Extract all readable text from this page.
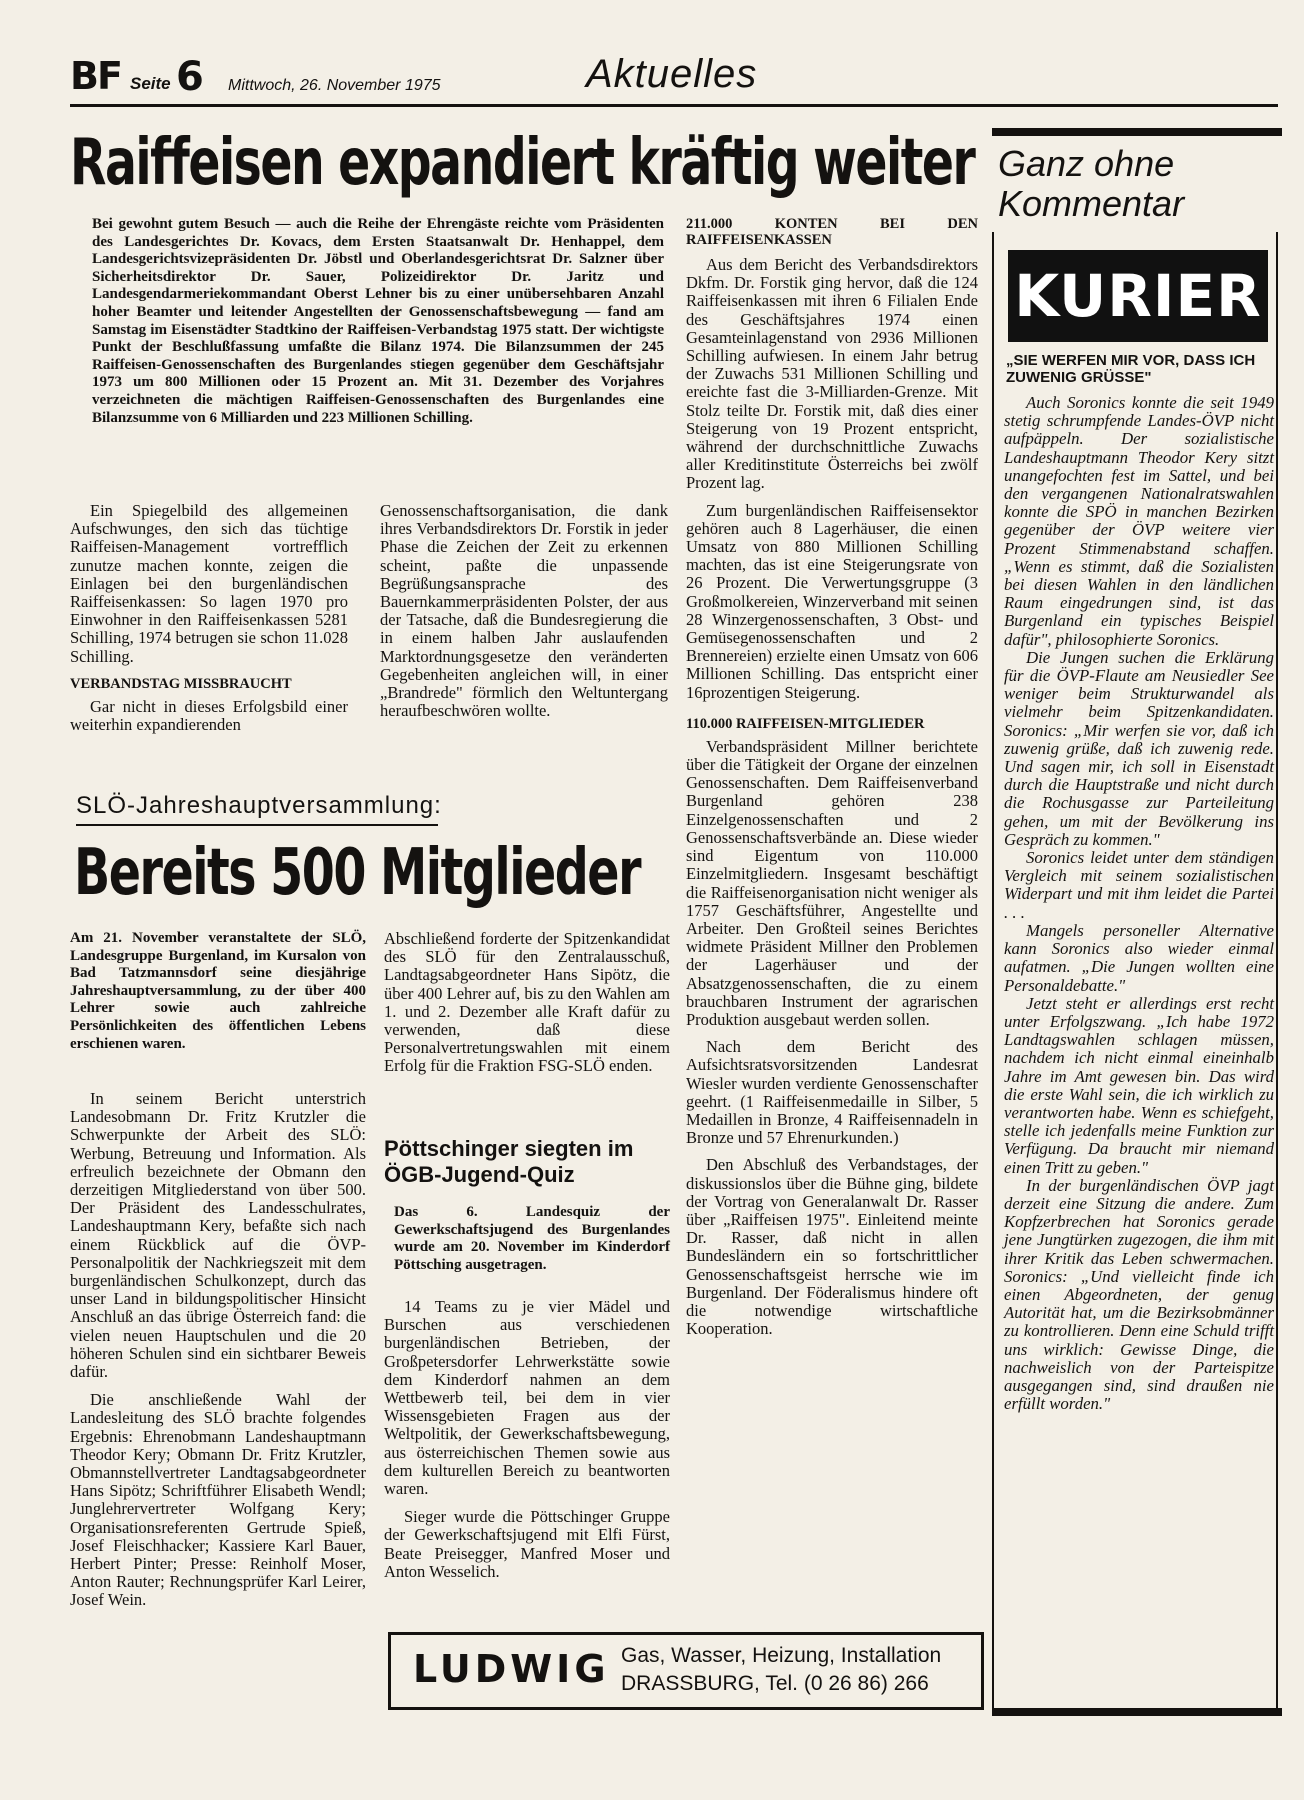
BF Seite 6 Mittwoch, 26. November 1975	Aktuelles
Raiffeisen expandiert kräftig weiter

Bei gewohnt gutem Besuch — auch die Reihe der Ehrengäste reichte vom Präsidenten des Landesgerichtes Dr. Kovacs, dem Ersten Staatsanwalt Dr. Henhappel, dem Landesgerichtsvizepräsidenten Dr. Jöbstl und Oberlandesgerichtsrat Dr. Salzner über Sicherheitsdirektor Dr. Sauer, Polizeidirektor Dr. Jaritz und Landesgendarmeriekommandant Oberst Lehner bis zu einer unübersehbaren Anzahl hoher Beamter und leitender Angestellten der Genossenschaftsbewegung — fand am Samstag im Eisenstädter Stadtkino der Raiffeisen-Verbandstag 1975 statt. Der wichtigste Punkt der Beschlußfassung umfaßte die Bilanz 1974. Die Bilanzsummen der 245 Raiffeisen-Genossenschaften des Burgenlandes stiegen gegenüber dem Geschäftsjahr 1973 um 800 Millionen oder 15 Prozent an. Mit 31. Dezember des Vorjahres verzeichneten die mächtigen Raiffeisen-Genossenschaften des Burgenlandes eine Bilanzsumme von 6 Milliarden und 223 Millionen Schilling.

Ein Spiegelbild des allgemeinen Aufschwunges, den sich das tüchtige Raiffeisen-Management vortrefflich zunutze machen konnte, zeigen die Einlagen bei den burgenländischen Raiffeisenkassen: So lagen 1970 pro Einwohner in den Raiffeisenkassen 5281 Schilling, 1974 betrugen sie schon 11.028 Schilling.

VERBANDSTAG MISSBRAUCHT

Gar nicht in dieses Erfolgsbild einer weiterhin expandierenden

Genossenschaftsorganisation, die dank ihres Verbandsdirektors Dr. Forstik in jeder Phase die Zeichen der Zeit zu erkennen scheint, paßte die unpassende Begrüßungsansprache des Bauernkammerpräsidenten Polster, der aus der Tatsache, daß die Bundesregierung die in einem halben Jahr auslaufenden Marktordnungsgesetze den veränderten Gegebenheiten angleichen will, in einer „Brandrede" förmlich den Weltuntergang heraufbeschwören wollte.

211.000 KONTEN BEI DEN RAIFFEISENKASSEN

Aus dem Bericht des Verbandsdirektors Dkfm. Dr. Forstik ging hervor, daß die 124 Raiffeisenkassen mit ihren 6 Filialen Ende des Geschäftsjahres 1974 einen Gesamteinlagenstand von 2936 Millionen Schilling aufwiesen. In einem Jahr betrug der Zuwachs 531 Millionen Schilling und ereichte fast die 3-Milliarden-Grenze. Mit Stolz teilte Dr. Forstik mit, daß dies einer Steigerung von 19 Prozent entspricht, während der durchschnittliche Zuwachs aller Kreditinstitute Österreichs bei zwölf Prozent lag.

Zum burgenländischen Raiffeisensektor gehören auch 8 Lagerhäuser, die einen Umsatz von 880 Millionen Schilling machten, das ist eine Steigerungsrate von 26 Prozent. Die Verwertungsgruppe (3 Großmolkereien, Winzerverband mit seinen 28 Winzergenossenschaften, 3 Obst- und Gemüsegenossenschaften und 2 Brennereien) erzielte einen Umsatz von 606 Millionen Schilling. Das entspricht einer 16prozentigen Steigerung.

110.000 RAIFFEISEN-MITGLIEDER

Verbandspräsident Millner berichtete über die Tätigkeit der Organe der einzelnen Genossenschaften. Dem Raiffeisenverband Burgenland gehören 238 Einzelgenossenschaften und 2 Genossenschaftsverbände an. Diese wieder sind Eigentum von 110.000 Einzelmitgliedern. Insgesamt beschäftigt die Raiffeisenorganisation nicht weniger als 1757 Geschäftsführer, Angestellte und Arbeiter. Den Großteil seines Berichtes widmete Präsident Millner den Problemen der Lagerhäuser und der Absatzgenossenschaften, die zu einem brauchbaren Instrument der agrarischen Produktion ausgebaut werden sollen.

Nach dem Bericht des Aufsichtsratsvorsitzenden Landesrat Wiesler wurden verdiente Genossenschafter geehrt. (1 Raiffeisenmedaille in Silber, 5 Medaillen in Bronze, 4 Raiffeisennadeln in Bronze und 57 Ehrenurkunden.)

Den Abschluß des Verbandstages, der diskussionslos über die Bühne ging, bildete der Vortrag von Generalanwalt Dr. Rasser über „Raiffeisen 1975". Einleitend meinte Dr. Rasser, daß nicht in allen Bundesländern ein so fortschrittlicher Genossenschaftsgeist herrsche wie im Burgenland. Der Föderalismus hindere oft die notwendige wirtschaftliche Kooperation.

SLÖ-Jahreshauptversammlung:
Bereits 500 Mitglieder

Am 21. November veranstaltete der SLÖ, Landesgruppe Burgenland, im Kursalon von Bad Tatzmannsdorf seine diesjährige Jahreshauptversammlung, zu der über 400 Lehrer sowie auch zahlreiche Persönlichkeiten des öffentlichen Lebens erschienen waren.

In seinem Bericht unterstrich Landesobmann Dr. Fritz Krutzler die Schwerpunkte der Arbeit des SLÖ: Werbung, Betreuung und Information. Als erfreulich bezeichnete der Obmann den derzeitigen Mitgliederstand von über 500. Der Präsident des Landesschulrates, Landeshauptmann Kery, befaßte sich nach einem Rückblick auf die ÖVP-Personalpolitik der Nachkriegszeit mit dem burgenländischen Schulkonzept, durch das unser Land in bildungspolitischer Hinsicht Anschluß an das übrige Österreich fand: die vielen neuen Hauptschulen und die 20 höheren Schulen sind ein sichtbarer Beweis dafür.

Die anschließende Wahl der Landesleitung des SLÖ brachte folgendes Ergebnis: Ehrenobmann Landeshauptmann Theodor Kery; Obmann Dr. Fritz Krutzler, Obmannstellvertreter Landtagsabgeordneter Hans Sipötz; Schriftführer Elisabeth Wendl; Junglehrervertreter Wolfgang Kery; Organisationsreferenten Gertrude Spieß, Josef Fleischhacker; Kassiere Karl Bauer, Herbert Pinter; Presse: Reinholf Moser, Anton Rauter; Rechnungsprüfer Karl Leirer, Josef Wein.

Abschließend forderte der Spitzenkandidat des SLÖ für den Zentralausschuß, Landtagsabgeordneter Hans Sipötz, die über 400 Lehrer auf, bis zu den Wahlen am 1. und 2. Dezember alle Kraft dafür zu verwenden, daß diese Personalvertretungswahlen mit einem Erfolg für die Fraktion FSG-SLÖ enden.

Pöttschinger siegten im ÖGB-Jugend-Quiz

Das 6. Landesquiz der Gewerkschaftsjugend des Burgenlandes wurde am 20. November im Kinderdorf Pöttsching ausgetragen.

14 Teams zu je vier Mädel und Burschen aus verschiedenen burgenländischen Betrieben, der Großpetersdorfer Lehrwerkstätte sowie dem Kinderdorf nahmen an dem Wettbewerb teil, bei dem in vier Wissensgebieten Fragen aus der Weltpolitik, der Gewerkschaftsbewegung, aus österreichischen Themen sowie aus dem kulturellen Bereich zu beantworten waren.

Sieger wurde die Pöttschinger Gruppe der Gewerkschaftsjugend mit Elfi Fürst, Beate Preisegger, Manfred Moser und Anton Wesselich.

Ganz ohne Kommentar
KURIER

„SIE WERFEN MIR VOR, DASS ICH ZUWENIG GRÜSSE"

Auch Soronics konnte die seit 1949 stetig schrumpfende Landes-ÖVP nicht aufpäppeln. Der sozialistische Landeshauptmann Theodor Kery sitzt unangefochten fest im Sattel, und bei den vergangenen Nationalratswahlen konnte die SPÖ in manchen Bezirken gegenüber der ÖVP weitere vier Prozent Stimmenabstand schaffen. „Wenn es stimmt, daß die Sozialisten bei diesen Wahlen in den ländlichen Raum eingedrungen sind, ist das Burgenland ein typisches Beispiel dafür", philosophierte Soronics.

Die Jungen suchen die Erklärung für die ÖVP-Flaute am Neusiedler See weniger beim Strukturwandel als vielmehr beim Spitzenkandidaten. Soronics: „Mir werfen sie vor, daß ich zuwenig grüße, daß ich zuwenig rede. Und sagen mir, ich soll in Eisenstadt durch die Hauptstraße und nicht durch die Rochusgasse zur Parteileitung gehen, um mit der Bevölkerung ins Gespräch zu kommen."

Soronics leidet unter dem ständigen Vergleich mit seinem sozialistischen Widerpart und mit ihm leidet die Partei . . .

Mangels personeller Alternative kann Soronics also wieder einmal aufatmen. „Die Jungen wollten eine Personaldebatte."

Jetzt steht er allerdings erst recht unter Erfolgszwang. „Ich habe 1972 Landtagswahlen schlagen müssen, nachdem ich nicht einmal eineinhalb Jahre im Amt gewesen bin. Das wird die erste Wahl sein, die ich wirklich zu verantworten habe. Wenn es schiefgeht, stelle ich jedenfalls meine Funktion zur Verfügung. Da braucht mir niemand einen Tritt zu geben."

In der burgenländischen ÖVP jagt derzeit eine Sitzung die andere. Zum Kopfzerbrechen hat Soronics gerade jene Jungtürken zugezogen, die ihm mit ihrer Kritik das Leben schwermachen. Soronics: „Und vielleicht finde ich einen Abgeordneten, der genug Autorität hat, um die Bezirksobmänner zu kontrollieren. Denn eine Schuld trifft uns wirklich: Gewisse Dinge, die nachweislich von der Parteispitze ausgegangen sind, sind draußen nie erfüllt worden."

LUDWIG Gas, Wasser, Heizung, Installation
DRASSBURG, Tel. (0 26 86) 266
